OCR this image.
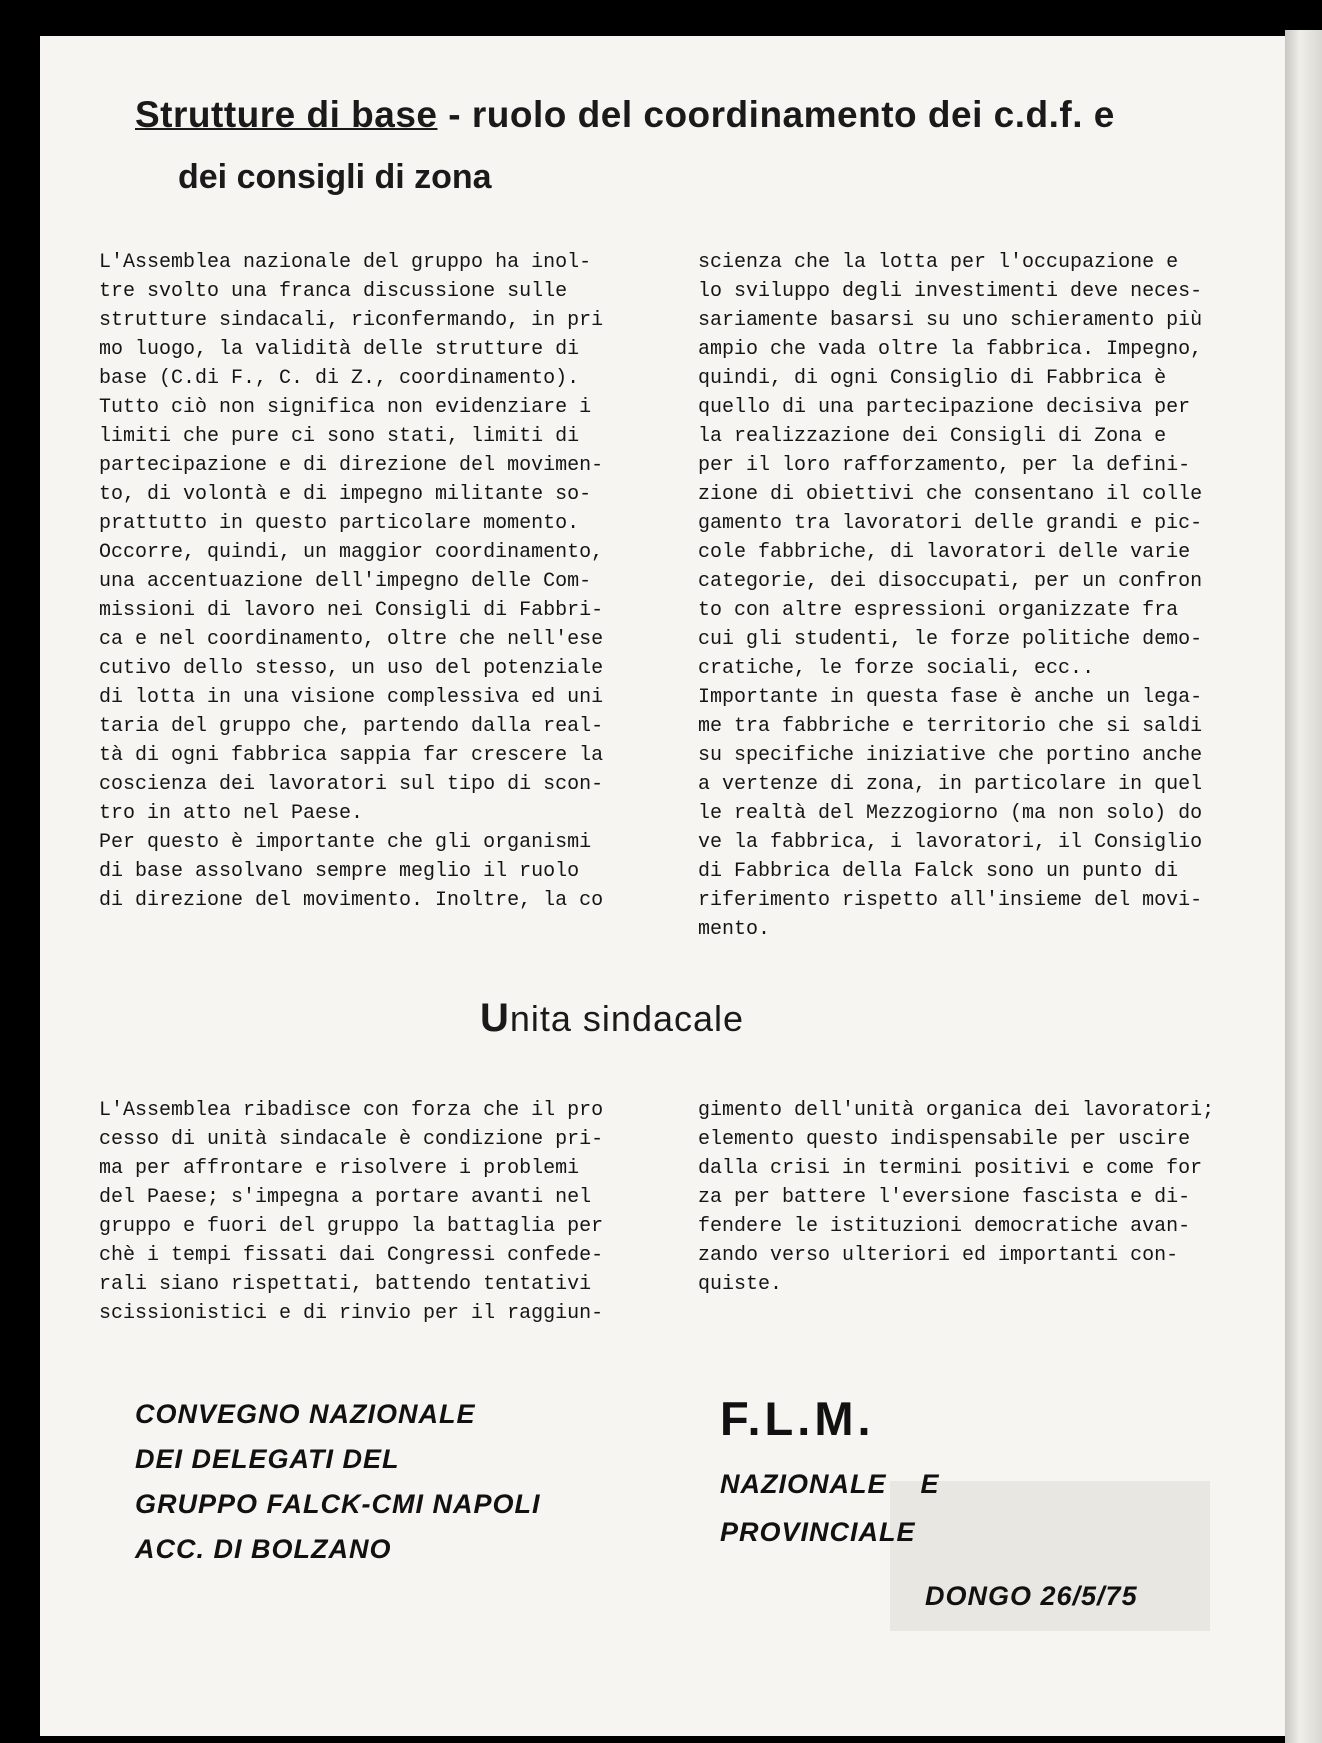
Strutture di base - ruolo del coordinamento dei c.d.f. e
dei consigli di zona

L'Assemblea nazionale del gruppo ha inol-
tre svolto una franca discussione sulle
strutture sindacali, riconfermando, in pri
mo luogo, la validità delle strutture di
base (C.di F., C. di Z., coordinamento).
Tutto ciò non significa non evidenziare i
limiti che pure ci sono stati, limiti di
partecipazione e di direzione del movimen-
to, di volontà e di impegno militante so-
prattutto in questo particolare momento.
Occorre, quindi, un maggior coordinamento,
una accentuazione dell'impegno delle Com-
missioni di lavoro nei Consigli di Fabbri-
ca e nel coordinamento, oltre che nell'ese
cutivo dello stesso, un uso del potenziale
di lotta in una visione complessiva ed uni
taria del gruppo che, partendo dalla real-
tà di ogni fabbrica sappia far crescere la
coscienza dei lavoratori sul tipo di scon-
tro in atto nel Paese.
Per questo è importante che gli organismi
di base assolvano sempre meglio il ruolo
di direzione del movimento. Inoltre, la co

scienza che la lotta per l'occupazione e
lo sviluppo degli investimenti deve neces-
sariamente basarsi su uno schieramento più
ampio che vada oltre la fabbrica. Impegno,
quindi, di ogni Consiglio di Fabbrica è
quello di una partecipazione decisiva per
la realizzazione dei Consigli di Zona e
per il loro rafforzamento, per la defini-
zione di obiettivi che consentano il colle
gamento tra lavoratori delle grandi e pic-
cole fabbriche, di lavoratori delle varie
categorie, dei disoccupati, per un confron
to con altre espressioni organizzate fra
cui gli studenti, le forze politiche demo-
cratiche, le forze sociali, ecc..
Importante in questa fase è anche un lega-
me tra fabbriche e territorio che si saldi
su specifiche iniziative che portino anche
a vertenze di zona, in particolare in quel
le realtà del Mezzogiorno (ma non solo) do
ve la fabbrica, i lavoratori, il Consiglio
di Fabbrica della Falck sono un punto di
riferimento rispetto all'insieme del movi-
mento.

Unita sindacale

L'Assemblea ribadisce con forza che il pro
cesso di unità sindacale è condizione pri-
ma per affrontare e risolvere i problemi
del Paese; s'impegna a portare avanti nel
gruppo e fuori del gruppo la battaglia per
chè i tempi fissati dai Congressi confede-
rali siano rispettati, battendo tentativi
scissionistici e di rinvio per il raggiun-

gimento dell'unità organica dei lavoratori;
elemento questo indispensabile per uscire
dalla crisi in termini positivi e come for
za per battere l'eversione fascista e di-
fendere le istituzioni democratiche avan-
zando verso ulteriori ed importanti con-
quiste.

CONVEGNO NAZIONALE
DEI DELEGATI DEL
GRUPPO FALCK-CMI NAPOLI
ACC. DI BOLZANO

F.L.M.

NAZIONALE    E
PROVINCIALE

DONGO 26/5/75
